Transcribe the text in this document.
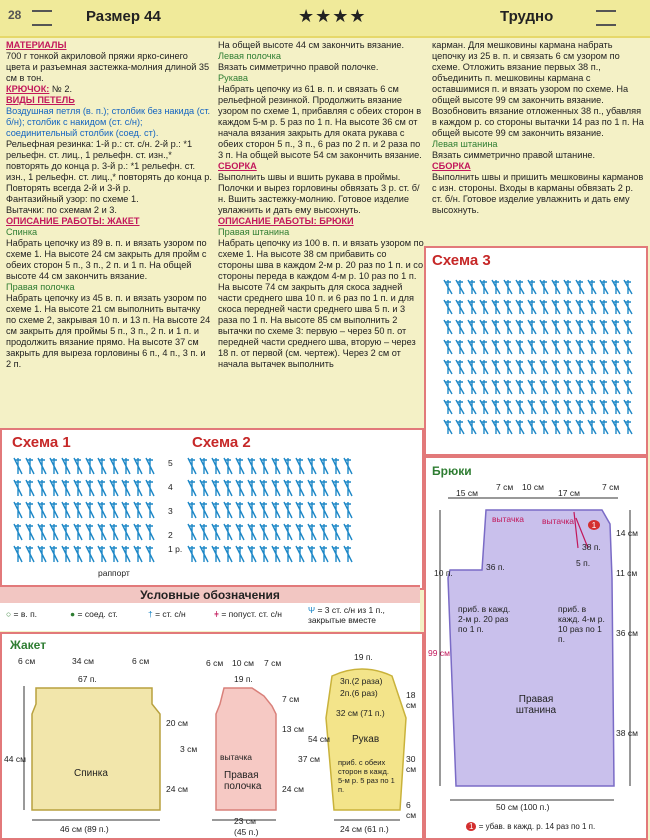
28	Размер 44	★★★★	Трудно

МАТЕРИАЛЫ

700 г тонкой акриловой пряжи ярко-синего цвета и разъемная застежка-молния длиной 35 см в тон.

КРЮЧОК: № 2.

ВИДЫ ПЕТЕЛЬ

Воздушная петля (в. п.); столбик без накида (ст. б/н); столбик с накидом (ст. с/н); соединительный столбик (соед. ст).

Рельефная резинка: 1-й р.: ст. с/н. 2-й р.: *1 рельефн. ст. лиц., 1 рельефн. ст. изн.,* повторять до конца р. 3-й р.: *1 рельефн. ст. изн., 1 рельефн. ст. лиц.,* повторять до конца р. Повторять всегда 2-й и 3-й р.

Фантазийный узор: по схеме 1.

Вытачки: по схемам 2 и 3.

ОПИСАНИЕ РАБОТЫ: ЖАКЕТ

Спинка

Набрать цепочку из 89 в. п. и вязать узором по схеме 1. На высоте 24 см закрыть для пройм с обеих сторон 5 п., 3 п., 2 п. и 1 п. На общей высоте 44 см закончить вязание.

Правая полочка

Набрать цепочку из 45 в. п. и вязать узором по схеме 1. На высоте 21 см выполнить вытачку по схеме 2, закрывая 10 п. и 13 п. На высоте 24 см закрыть для проймы 5 п., 3 п., 2 п. и 1 п. и продолжить вязание прямо. На высоте 37 см закрыть для выреза горловины 6 п., 4 п., 3 п. и 2 п.

На общей высоте 44 см закончить вязание.

Левая полочка

Вязать симметрично правой полочке.

Рукава

Набрать цепочку из 61 в. п. и связать 6 см рельефной резинкой. Продолжить вязание узором по схеме 1, прибавляя с обеих сторон в каждом 5-м р. 5 раз по 1 п. На высоте 36 см от начала вязания закрыть для оката рукава с обеих сторон 5 п., 3 п., 6 раз по 2 п. и 2 раза по 3 п. На общей высоте 54 см закончить вязание.

СБОРКА

Выполнить швы и вшить рукава в проймы. Полочки и вырез горловины обвязать 3 р. ст. б/н. Вшить застежку-молнию. Готовое изделие увлажнить и дать ему высохнуть.

ОПИСАНИЕ РАБОТЫ: БРЮКИ

Правая штанина

Набрать цепочку из 100 в. п. и вязать узором по схеме 1. На высоте 38 см прибавить со стороны шва в каждом 2-м р. 20 раз по 1 п. и со стороны переда в каждом 4-м р. 10 раз по 1 п. На высоте 74 см закрыть для скоса задней части среднего шва 10 п. и 6 раз по 1 п. и для скоса передней части среднего шва 5 п. и 3 раза по 1 п. На высоте 85 см выполнить 2 вытачки по схеме 3: первую – через 50 п. от передней части среднего шва, вторую – через 18 п. от первой (см. чертеж). Через 2 см от начала вытачек выполнить

карман. Для мешковины кармана набрать цепочку из 25 в. п. и связать 6 см узором по схеме. Отложить вязание первых 38 п., объединить п. мешковины кармана с оставшимися п. и вязать узором по схеме. На общей высоте 99 см закончить вязание. Возобновить вязание отложенных 38 п., убавляя в каждом р. со стороны вытачки 14 раз по 1 п. На общей высоте 99 см закончить вязание.

Левая штанина

Вязать симметрично правой штанине.

СБОРКА

Выполнить швы и пришить мешковины карманов с изн. стороны. Входы в карманы обвязать 2 р. ст. б/н. Готовое изделие увлажнить и дать ему высохнуть.

Схема 3
Схема 1	Схема 2
5
4
3
2
1 р.
раппорт
Условные обозначения
○ = в. п.	● = соед. ст.	† = ст. с/н	ǂ = попуст. ст. с/н	Ψ = 3 ст. с/н из 1 п., закрытые вместе
Брюки
15 см
7 см 10 см
17 см
7 см
вытачка вытачка	1
38 п.
36 п.
10 п.
5 п.
14 см
11 см
36 см
38 см
99 см
приб. в кажд. 2-м р. 20 раз по 1 п.
приб. в кажд. 4-м р. 10 раз по 1 п.
Правая штанина
50 см (100 п.)
1 = убав. в кажд. р. 14 раз по 1 п.
Жакет
6 см	34 см	6 см
67 п.
20 см
24 см
44 см
Спинка
46 см (89 п.)
6 см 10 см 7 см
19 п.
7 см
13 см
24 см
37 см
вытачка
3 см
Правая полочка
23 см
(45 п.)
19 п.
3п.(2 раза)
2п.(6 раз)
32 см (71 п.)
Рукав
приб. с обеих сторон в кажд. 5-м р. 5 раз по 1 п.
18 см
30 см
6 см
54 см
24 см (61 п.)
